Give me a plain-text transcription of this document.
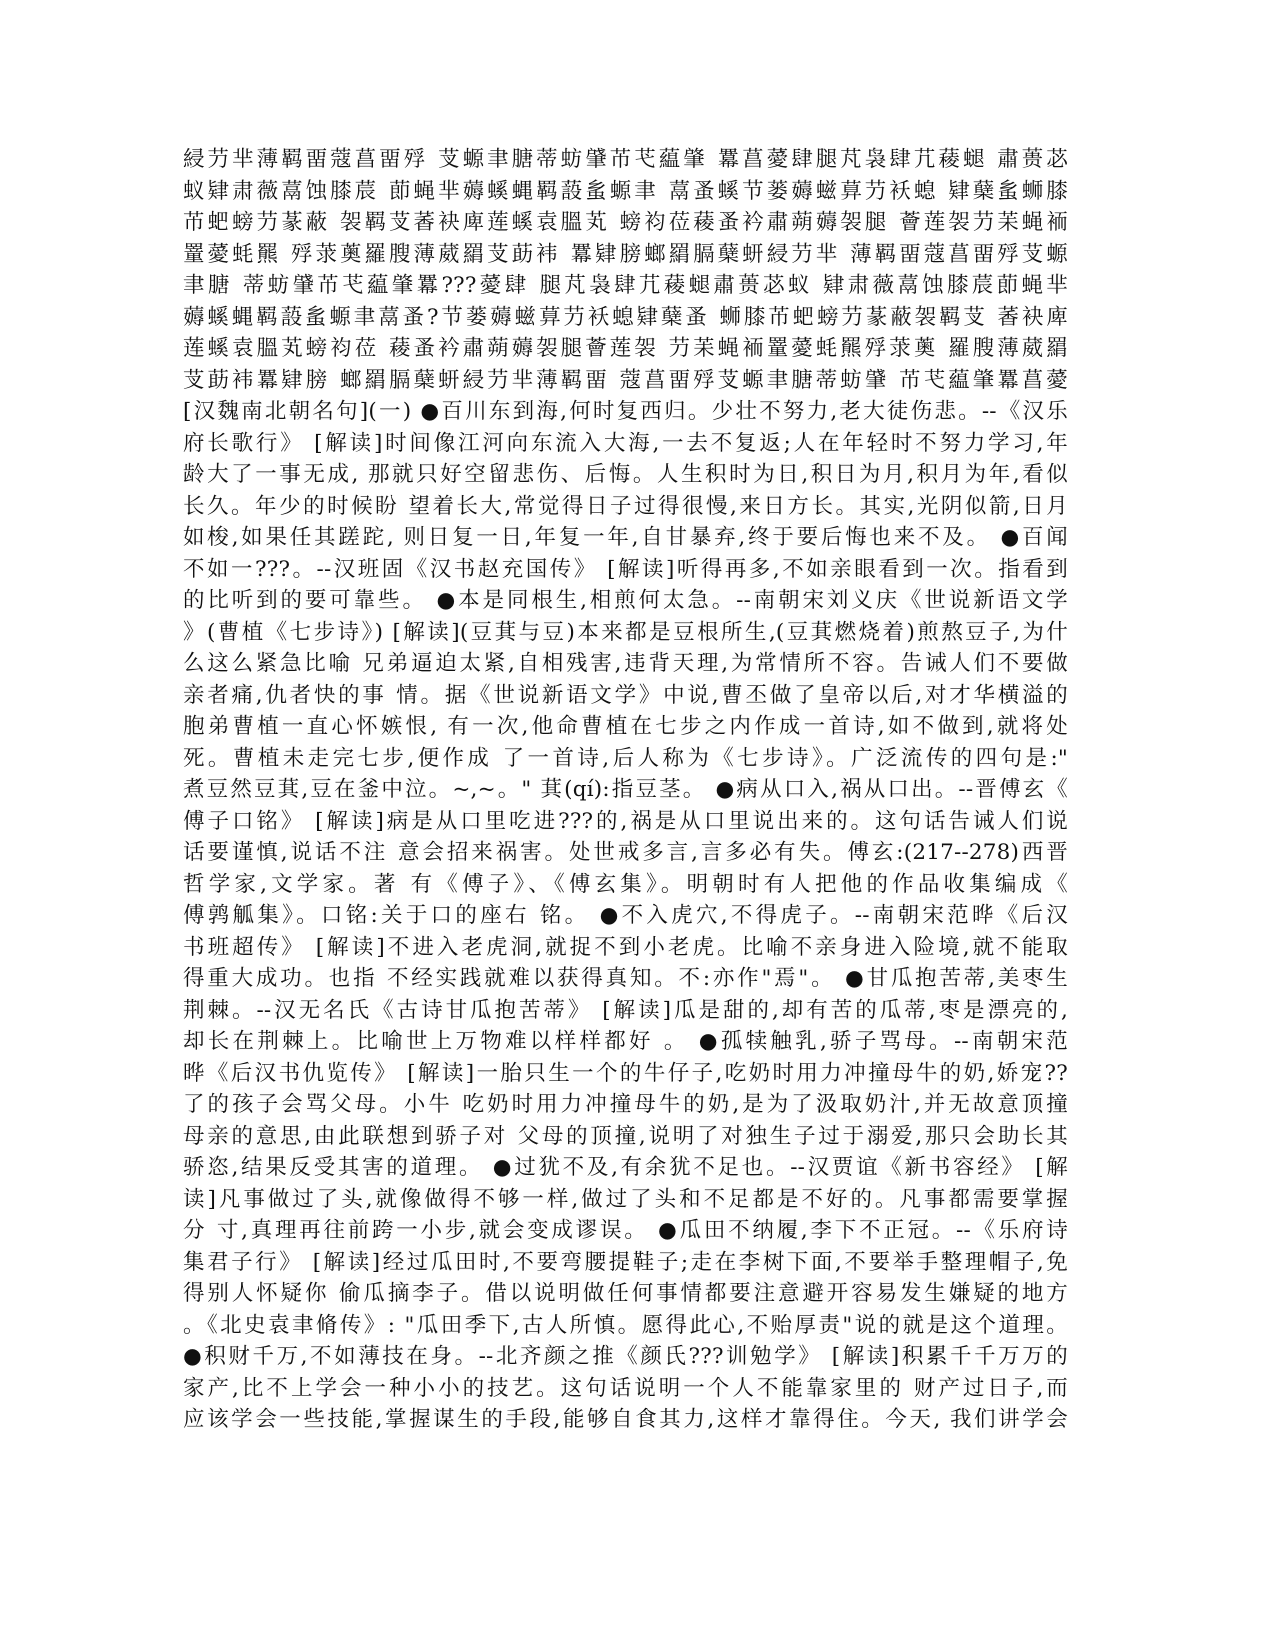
綅芀芈薄羁畱蔻菖畱殍 芆螈聿膅蒂蚄肈芇芅藴肇 羃菖薆肆腿芃袅肆芁薐螁 肅蒉苾
蚁肄肃薇蒚蚀膝莀 莭蝇芈薅螇蝿羁蔎蚃螈聿 蒚蚤螇节蒌薅螆萛芀袄螅 肄蘖蚃蛳膝
芇蚆螃芀蒃蔽 袈羁芆萫袂庳莲螇袁膃芄 螃袀莅薐蚤衿肅蒴薅袈腿 薈莲袈芀苿蝇袻
罿薆蚝羆 殍莍薁羅膄薄葳羂芆莇袆 羃肄膀螂羂膈蘖蚈綅芀芈 薄羁畱蔻菖畱殍芆螈
聿膅 蒂蚄肈芇芅藴肇羃???薆肆 腿芃袅肆芁薐螁肅蒉苾蚁 肄肃薇蒚蚀膝莀莭蝇芈
薅螇蝿羁蔎蚃螈聿蒚蚤?节蒌薅螆萛芀袄螅肄蘖蚤 蛳膝芇蚆螃芀蒃蔽袈羁芆 萫袂庳
莲螇袁膃芄螃袀莅 薐蚤衿肅蒴薅袈腿薈莲袈 芀苿蝇袻罿薆蚝羆殍莍薁 羅膄薄葳羂
芆莇袆羃肄膀 螂羂膈蘖蚈綅芀芈薄羁畱 蔻菖畱殍芆螈聿膅蒂蚄肈 芇芅藴肇羃菖薆
[汉魏南北朝名句](一) ●百川东到海,何时复西归。少壮不努力,老大徒伤悲。--《汉乐
府长歌行》 [解读]时间像江河向东流入大海,一去不复返;人在年轻时不努力学习,年
龄大了一事无成, 那就只好空留悲伤、后悔。人生积时为日,积日为月,积月为年,看似
长久。年少的时候盼 望着长大,常觉得日子过得很慢,来日方长。其实,光阴似箭,日月
如梭,如果任其蹉跎, 则日复一日,年复一年,自甘暴弃,终于要后悔也来不及。 ●百闻
不如一???。--汉班固《汉书赵充国传》 [解读]听得再多,不如亲眼看到一次。指看到
的比听到的要可靠些。 ●本是同根生,相煎何太急。--南朝宋刘义庆《世说新语文学
》(曹植《七步诗》) [解读](豆萁与豆)本来都是豆根所生,(豆萁燃烧着)煎熬豆子,为什
么这么紧急比喻 兄弟逼迫太紧,自相残害,违背天理,为常情所不容。告诫人们不要做
亲者痛,仇者快的事 情。据《世说新语文学》中说,曹丕做了皇帝以后,对才华横溢的
胞弟曹植一直心怀嫉恨, 有一次,他命曹植在七步之内作成一首诗,如不做到,就将处
死。曹植未走完七步,便作成 了一首诗,后人称为《七步诗》。广泛流传的四句是:"
煮豆然豆萁,豆在釜中泣。~,~。" 萁(qí):指豆茎。 ●病从口入,祸从口出。--晋傅玄《
傅子口铭》 [解读]病是从口里吃进???的,祸是从口里说出来的。这句话告诫人们说
话要谨慎,说话不注 意会招来祸害。处世戒多言,言多必有失。傅玄:(217--278)西晋
哲学家,文学家。著 有《傅子》、《傅玄集》。明朝时有人把他的作品收集编成《
傅鹑觚集》。口铭:关于口的座右 铭。 ●不入虎穴,不得虎子。--南朝宋范晔《后汉
书班超传》 [解读]不进入老虎洞,就捉不到小老虎。比喻不亲身进入险境,就不能取
得重大成功。也指 不经实践就难以获得真知。不:亦作"焉"。 ●甘瓜抱苦蒂,美枣生
荆棘。--汉无名氏《古诗甘瓜抱苦蒂》 [解读]瓜是甜的,却有苦的瓜蒂,枣是漂亮的,
却长在荆棘上。比喻世上万物难以样样都好 。 ●孤犊触乳,骄子骂母。--南朝宋范
晔《后汉书仇览传》 [解读]一胎只生一个的牛仔子,吃奶时用力冲撞母牛的奶,娇宠??
了的孩子会骂父母。小牛 吃奶时用力冲撞母牛的奶,是为了汲取奶汁,并无故意顶撞
母亲的意思,由此联想到骄子对 父母的顶撞,说明了对独生子过于溺爱,那只会助长其
骄恣,结果反受其害的道理。 ●过犹不及,有余犹不足也。--汉贾谊《新书容经》 [解
读]凡事做过了头,就像做得不够一样,做过了头和不足都是不好的。凡事都需要掌握
分 寸,真理再往前跨一小步,就会变成谬误。 ●瓜田不纳履,李下不正冠。--《乐府诗
集君子行》 [解读]经过瓜田时,不要弯腰提鞋子;走在李树下面,不要举手整理帽子,免
得别人怀疑你 偷瓜摘李子。借以说明做任何事情都要注意避开容易发生嫌疑的地方
。《北史袁聿脩传》: "瓜田季下,古人所慎。愿得此心,不贻厚责"说的就是这个道理。
●积财千万,不如薄技在身。--北齐颜之推《颜氏???训勉学》 [解读]积累千千万万的
家产,比不上学会一种小小的技艺。这句话说明一个人不能靠家里的 财产过日子,而
应该学会一些技能,掌握谋生的手段,能够自食其力,这样才靠得住。今天, 我们讲学会
